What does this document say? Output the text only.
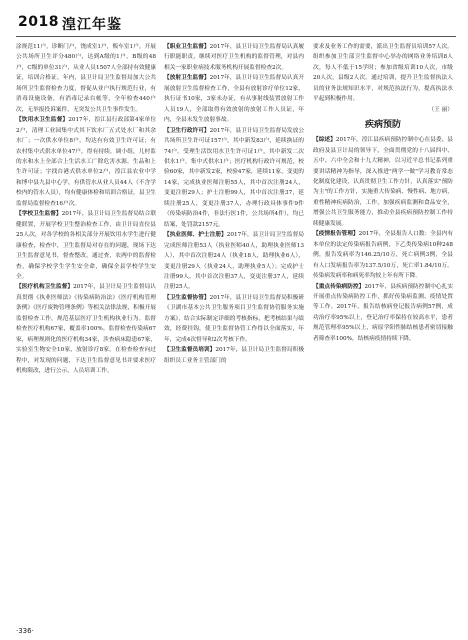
2018 湟江年鉴

涂规范11户，诊断门户，饶成室1户，贩车室1户。开展公共场所卫生评分480户，达到A级的1户，B级的48户，C级的单位31户，从业人员1507人全部持有效健康证，培训合格证。年内，县卫计局卫生监督局加大公共场所卫生监督检查力度，督促从业户执行规范行业，有消毒设施设备，有消毒记录台帐等，全年检查440户次，无举报投诉案件，无突发公共卫生事件发生。

【饮用水卫生监督】2017年，湟江县行政部第4家单位2户，清理工业园集中式其下饮水厂五式处水厂和其余水厂；一次供水单位8户，均达有有效卫生许可证；有农村集中式供水单位47户，得有持续。调小组，儿村监的水和水上全部合上生活水工广除危害水源。生品和上生许可证；字找台港式供水单位2户，湟江县农业中学和博中县九县中心学，有供管水从业人员44人（不含学校内的管水人员），均有健康体检和培训合格证。县卫生监督局监督检查16户次。

【学校卫生监督】2017年，县卫计局卫生监督局结合联健联置，开展学校卫生整治检查工作，由卫计局直位县25人次，对各学校的各相关部分开展饮用水学生进行健康检查，检查中，卫生监督局对存在的问题，现场下达卫生监督意见书，督查整改。通过查，农两中的监督检查，确保学校学生学生安全命，确保全县学校学生安全。

【医疗机构卫生监督】2017年，县卫计局卫生监督局认真贯彻《执业医师法》《传染病防治法》《医疗机构管理条例》《医疗废物管理条例》等相关法律法规，积极开展监督检查工作，规范基层医疗卫生机构执业行为。监督检查医疗机构67家，覆盖率100%。监督检查传染病67家，病理规则化的医疗机构34家，涉查病床隐患67家，实验室生物安全10家，放射诊疗8家。在检查检查向过程中，对发现的问题，下达卫生监督意见书并要求医疗机构限改，进行公示，人员培训工作。

【职业卫生监督】2017年，县卫计局卫生监督局认真履行职能职责，继续对医疗卫生机构的监督管理，对县内相关一家职业病技术服务机构开展监督检查2次。

【放射卫生监督】2017年，县卫计局卫生监督局认真开展放射卫生监督检查工作，全县有放射诊疗单位12家，执行证书10家，3家未办证，有从事射线装置放射工作人员19人，全部取得有效放射的放射工作人员证，年内，全县未发生放射事故。

【卫生行政许可】2017年，县卫计局卫生监督局发放公共场所卫生许可证157户，其中新发83户，延续换证的74户。受理生活饮用水卫生许可证1户，其中新发二次供水1户，集中式供水1户；医疗机构行政许可规范，校验60家，其中新发2家，校验47家，延续11家，变更的14家，完成执业医师注册55人，其中首次注册24人，变更注册29人；护士注册99人，其中首次注册37，延续注册25人，变更注册37人，办理行政具体事件9件（传染病防治4件，非法行医1件，公共场所4件），均已结案，处罚款2157元。

【执业医师、护士注册】2017年，县卫计局卫生监督局完成医师注册53人（执业医师40人，助理执业医师13人），其中首次注册24人（执业18人，助理执业6人），变更注册29人（执业24人，助理执业5人）；完成护士注册99人，其中首次注册37人，变更注册37人，延续注册25人。

【卫生监督协管】2017年，县卫计局卫生监督局积极研《卫湖市基本公共卫生服务项目卫生监督协管服务实施方案》，结合实际制定详细的考核指标，把考核结果与绩效，经费挂钩，使卫生监督协管工作得以全面落实，年年，完成4次督导和2次考核下作。

【卫生监督员培训】2017年，县卫计局卫生监督局积极组织员工业务主管部门的

要求及业务工作的需要，派出卫生监督员培训57人次。组织参加卫生部卫生监督中心举办的网络业务培训8人次，每人不低于15学时；参加省级培训10人次，市级20人次，县级2人次。通过培训，提升卫生监督执法人员的业务法规知识水平，对规范执法行为，提高执法水平起到积极作用。

（王 丽）

疾病预防

【综述】2017年，湟江县疾病预防控制中心在县委、县政府及县卫计局的领导下，全面贯彻党的十八届四中、五中、六中全会和十九大精神，以习近平总书记系列重要讲话精神为指导，深入推进"两学一做"学习教育常态化制度化建设，认真贯彻卫生工作方针，认真落实"预防为主"的工作方针，实施重大传染病、慢性病、地方病，重性精神疾病防治，工作，加强疾病监测和食品安全，增强公共卫生服务能力，推动全县疾病预防控制工作持续健康发展。

【疫情报告管理】2017年，全县报告人口数：全县内有本单位的法定传染病报告病例，下乙类传染病10种248例，报告发病率为146.25/10万，死亡病例3例，全县有人口发病报告率为137.5/10万，死亡率1.84/10万。传染病发病率和病死率均较上年有所下降。

【重点传染病防控】2017年，县疾病预防控制中心扎实开展重点传染病防控工作，抓好传染病监测、疫情处置等工作。2017年，报告结核病登记报告病例57例，成功治疗率95%以上，登记治疗率保持在较高水平，患者规范管理率95%以上，病原学阳性肺结核患者密切接触者筛查率100%，结核病疫情持续下降。

·336·
